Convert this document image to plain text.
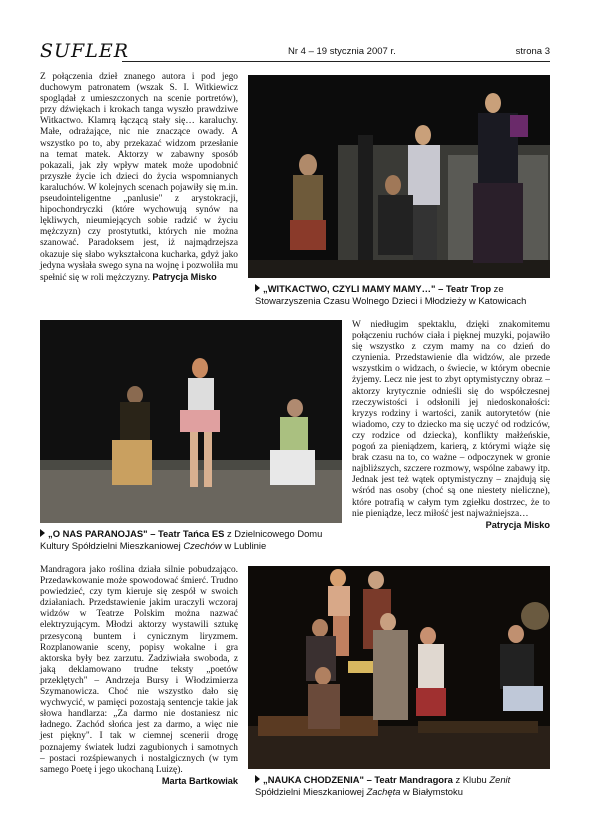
SUFLER	Nr 4 – 19 stycznia 2007 r.	strona 3
Z połączenia dzieł znanego autora i pod jego duchowym patronatem (wszak S. I. Witkiewicz spoglądał z umieszczonych na scenie portretów), przy dźwiękach i krokach tanga wyszło prawdziwe Witkactwo. Klamrą łączącą stały się… karaluchy. Małe, odrażające, nic nie znaczące owady. A wszystko po to, aby przekazać widzom przesłanie na temat matek. Aktorzy w zabawny sposób pokazali, jak zły wpływ matek może upodobnić przyszłe życie ich dzieci do życia wspomnianych karaluchów. W kolejnych scenach pojawiły się m.in. pseudointeligentne „panlusie" z arystokracji, hipochondryczki (które wychowują synów na lękliwych, nieumiejących sobie radzić w życiu mężczyzn) czy prostytutki, których nie można szanować. Paradoksem jest, iż najmądrzejsza okazuje się słabo wykształcona kucharka, gdyż jako jedyna wysłała swego syna na wojnę i pozwoliła mu spełnić się w roli mężczyzny. Patrycja Misko
„WITKACTWO, CZYLI MAMY MAMY…" – Teatr Trop ze Stowarzyszenia Czasu Wolnego Dzieci i Młodzieży w Katowicach
W niedługim spektaklu, dzięki znakomitemu połączeniu ruchów ciała i pięknej muzyki, pojawiło się wszystko z czym mamy na co dzień do czynienia. Przedstawienie dla widzów, ale przede wszystkim o widzach, o świecie, w którym obecnie żyjemy. Lecz nie jest to zbyt optymistyczny obraz – aktorzy krytycznie odnieśli się do współczesnej rzeczywistości i odsłonili jej niedoskonałości: kryzys rodziny i wartości, zanik autorytetów (nie wiadomo, czy to dziecko ma się uczyć od rodziców, czy rodzice od dziecka), konflikty małżeńskie, pogoń za pieniądzem, karierą, z którymi wiąże się brak czasu na to, co ważne – odpoczynek w gronie najbliższych, szczere rozmowy, wspólne zabawy itp. Jednak jest też wątek optymistyczny – znajdują się wśród nas osoby (choć są one niestety nieliczne), które potrafią w całym tym zgiełku dostrzec, że to nie pieniądze, lecz miłość jest najważniejsza…
Patrycja Misko
„O NAS PARANOJAS" – Teatr Tańca ES z Dzielnicowego Domu Kultury Spółdzielni Mieszkaniowej Czechów w Lublinie
Mandragora jako roślina działa silnie pobudzająco. Przedawkowanie może spowodować śmierć. Trudno powiedzieć, czy tym kieruje się zespół w swoich działaniach. Przedstawienie jakim uraczyli wczoraj widzów w Teatrze Polskim można nazwać elektryzującym. Młodzi aktorzy wystawili sztukę przesyconą buntem i cynicznym liryzmem. Rozplanowanie sceny, popisy wokalne i gra aktorska były bez zarzutu. Zadziwiała swoboda, z jaką deklamowano trudne teksty „poetów przeklętych" – Andrzeja Bursy i Włodzimierza Szymanowicza. Choć nie wszystko dało się wychwycić, w pamięci pozostają sentencje takie jak słowa handlarza: „Za darmo nie dostaniesz nic ładnego. Zachód słońca jest za darmo, a więc nie jest piękny". I tak w ciemnej scenerii drogę poznajemy światek ludzi zagubionych i samotnych – postaci rozśpiewanych i nostalgicznych (w tym samego Poetę i jego ukochaną Luizę).
Marta Bartkowiak	„NAUKA CHODZENIA" – Teatr Mandragora z Klubu Zenit Spółdzielni Mieszkaniowej Zachęta w Białymstoku
